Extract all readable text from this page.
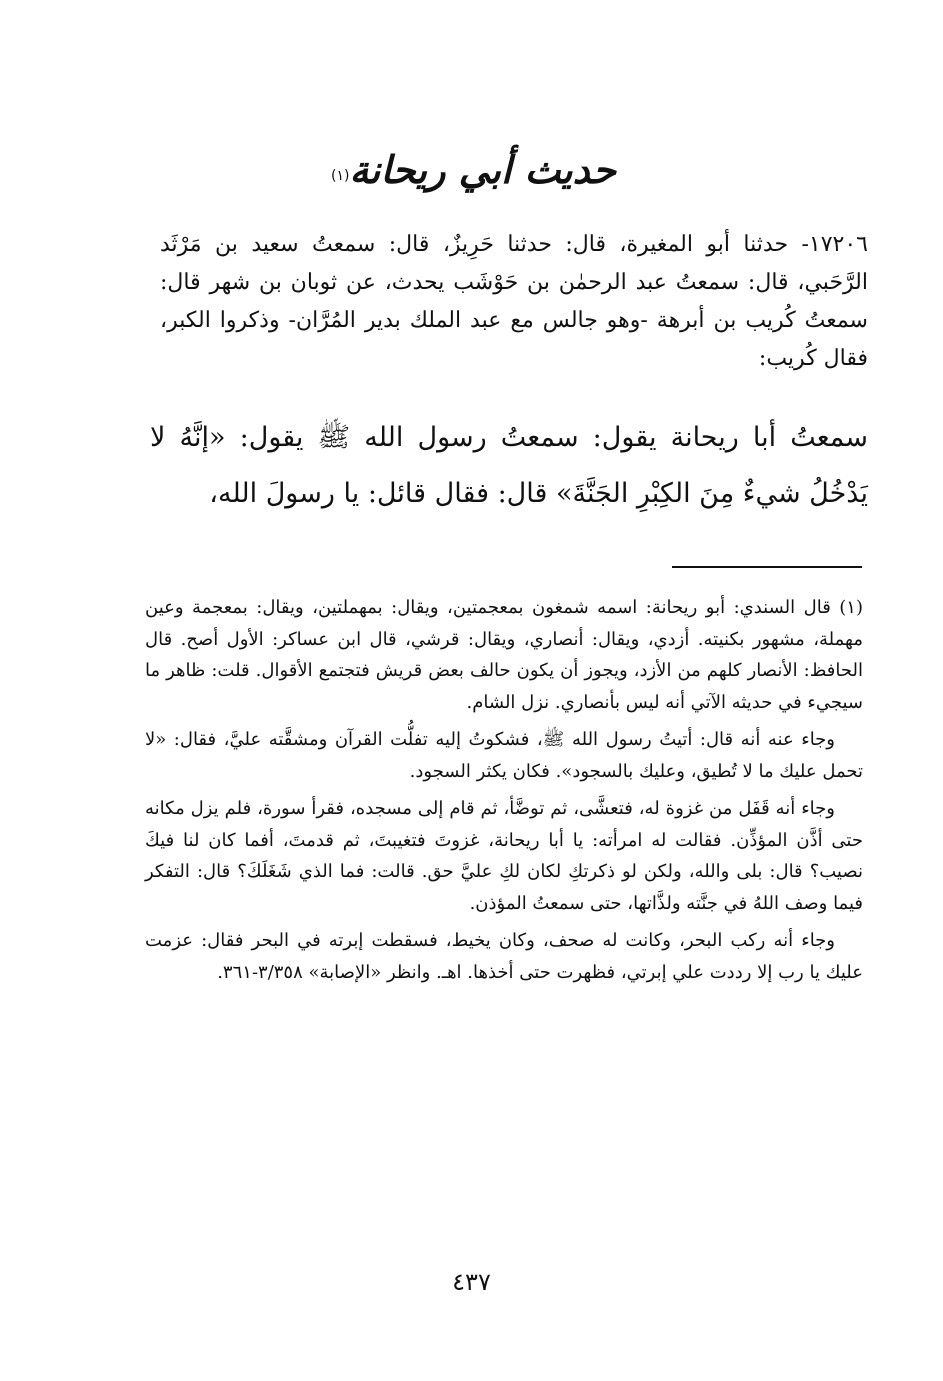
حديث أبي ريحانة$^{(١)}$

١٧٢٠٦- حدثنا أبو المغيرة، قال: حدثنا حَرِيزٌ، قال: سمعتُ سعيد بن مَرْثَد الرَّحَبي، قال: سمعتُ عبد الرحمٰن بن حَوْشَب يحدث، عن ثوبان بن شهر قال: سمعتُ كُريب بن أبرهة -وهو جالس مع عبد الملك بدير المُرَّان- وذكروا الكبر، فقال كُريب:

سمعتُ أبا ريحانة يقول: سمعتُ رسول الله ﷺ يقول: «إنَّهُ لا يَدْخُلُ شيءٌ مِنَ الكِبْرِ الجَنَّةَ» قال: فقال قائل: يا رسولَ الله،

(١) قال السندي: أبو ريحانة: اسمه شمغون بمعجمتين، ويقال: بمهملتين، ويقال: بمعجمة وعين مهملة، مشهور بكنيته. أزدي، ويقال: أنصاري، ويقال: قرشي، قال ابن عساكر: الأول أصح. قال الحافظ: الأنصار كلهم من الأزد، ويجوز أن يكون حالف بعض قريش فتجتمع الأقوال. قلت: ظاهر ما سيجيء في حديثه الآتي أنه ليس بأنصاري. نزل الشام.

وجاء عنه أنه قال: أتيتُ رسول الله ﷺ، فشكوتُ إليه تفلُّت القرآن ومشقَّته عليَّ، فقال: «لا تحمل عليك ما لا تُطيق، وعليك بالسجود». فكان يكثر السجود.

وجاء أنه قَفَل من غزوة له، فتعشَّى، ثم توضَّأ، ثم قام إلى مسجده، فقرأ سورة، فلم يزل مكانه حتى أذَّن المؤذِّن. فقالت له امرأته: يا أبا ريحانة، غزوتَ فتغيبتَ، ثم قدمتَ، أفما كان لنا فيكَ نصيب؟ قال: بلى والله، ولكن لو ذكرتكِ لكان لكِ عليَّ حق. قالت: فما الذي شَغَلَكَ؟ قال: التفكر فيما وصف اللهُ في جنَّته ولذَّاتها، حتى سمعتُ المؤذن.

وجاء أنه ركب البحر، وكانت له صحف، وكان يخيط، فسقطت إبرته في البحر فقال: عزمت عليك يا رب إلا رددت علي إبرتي، فظهرت حتى أخذها. اهـ. وانظر «الإصابة» ٣/٣٥٨-٣٦١.

٤٣٧
